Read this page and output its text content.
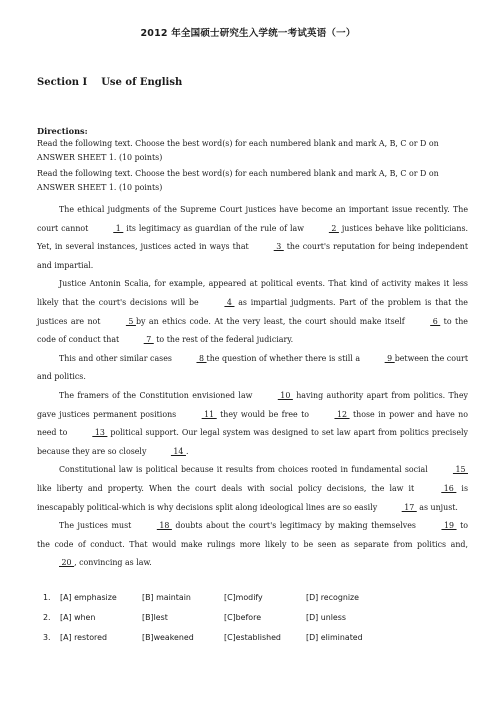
2012 年全国硕士研究生入学统一考试英语（一）
Section I Use of English
Directions:
Read the following text. Choose the best word(s) for each numbered blank and mark A, B, C or D on
ANSWER SHEET 1. (10 points)
Read the following text. Choose the best word(s) for each numbered blank and mark A, B, C or D on
ANSWER SHEET 1. (10 points)

The ethical judgments of the Supreme Court justices have become an important issue recently. The court cannot	1  its legitimacy as guardian of the rule of law	2  justices behave like politicians. Yet, in several instances, justices acted in ways that	3  the court's reputation for being independent and impartial.

Justice Antonin Scalia, for example, appeared at political events. That kind of activity makes it less likely that the court's decisions will be	4  as impartial judgments. Part of the problem is that the justices are not	5 by an ethics code. At the very least, the court should make itself	6  to the code of conduct that	7  to the rest of the federal judiciary.

This and other similar cases	8 the question of whether there is still a	9 between the court and politics.

The framers of the Constitution envisioned law	10  having authority apart from politics. They gave justices permanent positions	11  they would be free to	12  those in power and have no need to	13  political support. Our legal system was designed to set law apart from politics precisely because they are so closely	14 .

Constitutional law is political because it results from choices rooted in fundamental social	15  like liberty and property. When the court deals with social policy decisions, the law it	16  is inescapably political-which is why decisions split along ideological lines are so easily	17  as unjust.

The justices must	18  doubts about the court's legitimacy by making themselves	19  to the code of conduct. That would make rulings more likely to be seen as separate from politics and,  20 , convincing as law.

1. [A] emphasize	[B] maintain	[C]modify	[D] recognize
2. [A] when	[B]lest	[C]before	[D] unless
3. [A] restored	[B]weakened	[C]established	[D] eliminated
